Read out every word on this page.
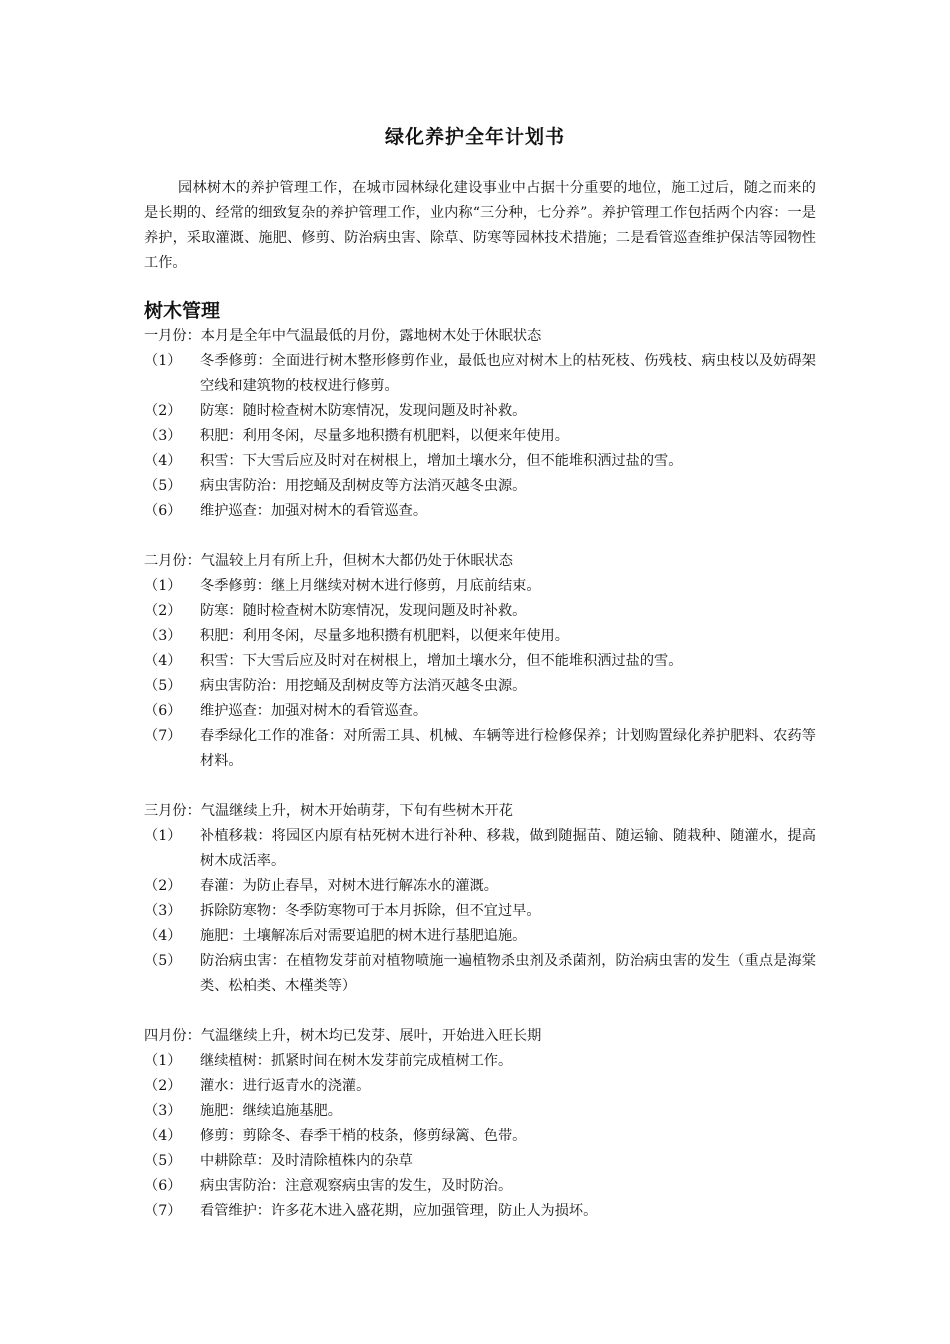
绿化养护全年计划书

园林树木的养护管理工作，在城市园林绿化建设事业中占据十分重要的地位，施工过后，随之而来的是长期的、经常的细致复杂的养护管理工作，业内称“三分种，七分养”。养护管理工作包括两个内容：一是养护，采取灌溉、施肥、修剪、防治病虫害、除草、防寒等园林技术措施；二是看管巡查维护保洁等园物性工作。

树木管理
一月份：本月是全年中气温最低的月份，露地树木处于休眠状态
（1） 冬季修剪：全面进行树木整形修剪作业，最低也应对树木上的枯死枝、伤残枝、病虫枝以及妨碍架空线和建筑物的枝杈进行修剪。
（2） 防寒：随时检查树木防寒情况，发现问题及时补救。
（3） 积肥：利用冬闲，尽量多地积攒有机肥料，以便来年使用。
（4） 积雪：下大雪后应及时对在树根上，增加土壤水分，但不能堆积洒过盐的雪。
（5） 病虫害防治：用挖蛹及刮树皮等方法消灭越冬虫源。
（6） 维护巡查：加强对树木的看管巡查。
二月份：气温较上月有所上升，但树木大都仍处于休眠状态
（1） 冬季修剪：继上月继续对树木进行修剪，月底前结束。
（2） 防寒：随时检查树木防寒情况，发现问题及时补救。
（3） 积肥：利用冬闲，尽量多地积攒有机肥料，以便来年使用。
（4） 积雪：下大雪后应及时对在树根上，增加土壤水分，但不能堆积洒过盐的雪。
（5） 病虫害防治：用挖蛹及刮树皮等方法消灭越冬虫源。
（6） 维护巡查：加强对树木的看管巡查。
（7） 春季绿化工作的准备：对所需工具、机械、车辆等进行检修保养；计划购置绿化养护肥料、农药等材料。
三月份：气温继续上升，树木开始萌芽，下旬有些树木开花
（1） 补植移栽：将园区内原有枯死树木进行补种、移栽，做到随掘苗、随运输、随栽种、随灌水，提高树木成活率。
（2） 春灌：为防止春旱，对树木进行解冻水的灌溉。
（3） 拆除防寒物：冬季防寒物可于本月拆除，但不宜过早。
（4） 施肥：土壤解冻后对需要追肥的树木进行基肥追施。
（5） 防治病虫害：在植物发芽前对植物喷施一遍植物杀虫剂及杀菌剂，防治病虫害的发生（重点是海棠类、松柏类、木槿类等）
四月份：气温继续上升，树木均已发芽、展叶，开始进入旺长期
（1） 继续植树：抓紧时间在树木发芽前完成植树工作。
（2） 灌水：进行返青水的浇灌。
（3） 施肥：继续追施基肥。
（4） 修剪：剪除冬、春季干梢的枝条，修剪绿篱、色带。
（5） 中耕除草：及时清除植株内的杂草
（6） 病虫害防治：注意观察病虫害的发生，及时防治。
（7） 看管维护：许多花木进入盛花期，应加强管理，防止人为损坏。
